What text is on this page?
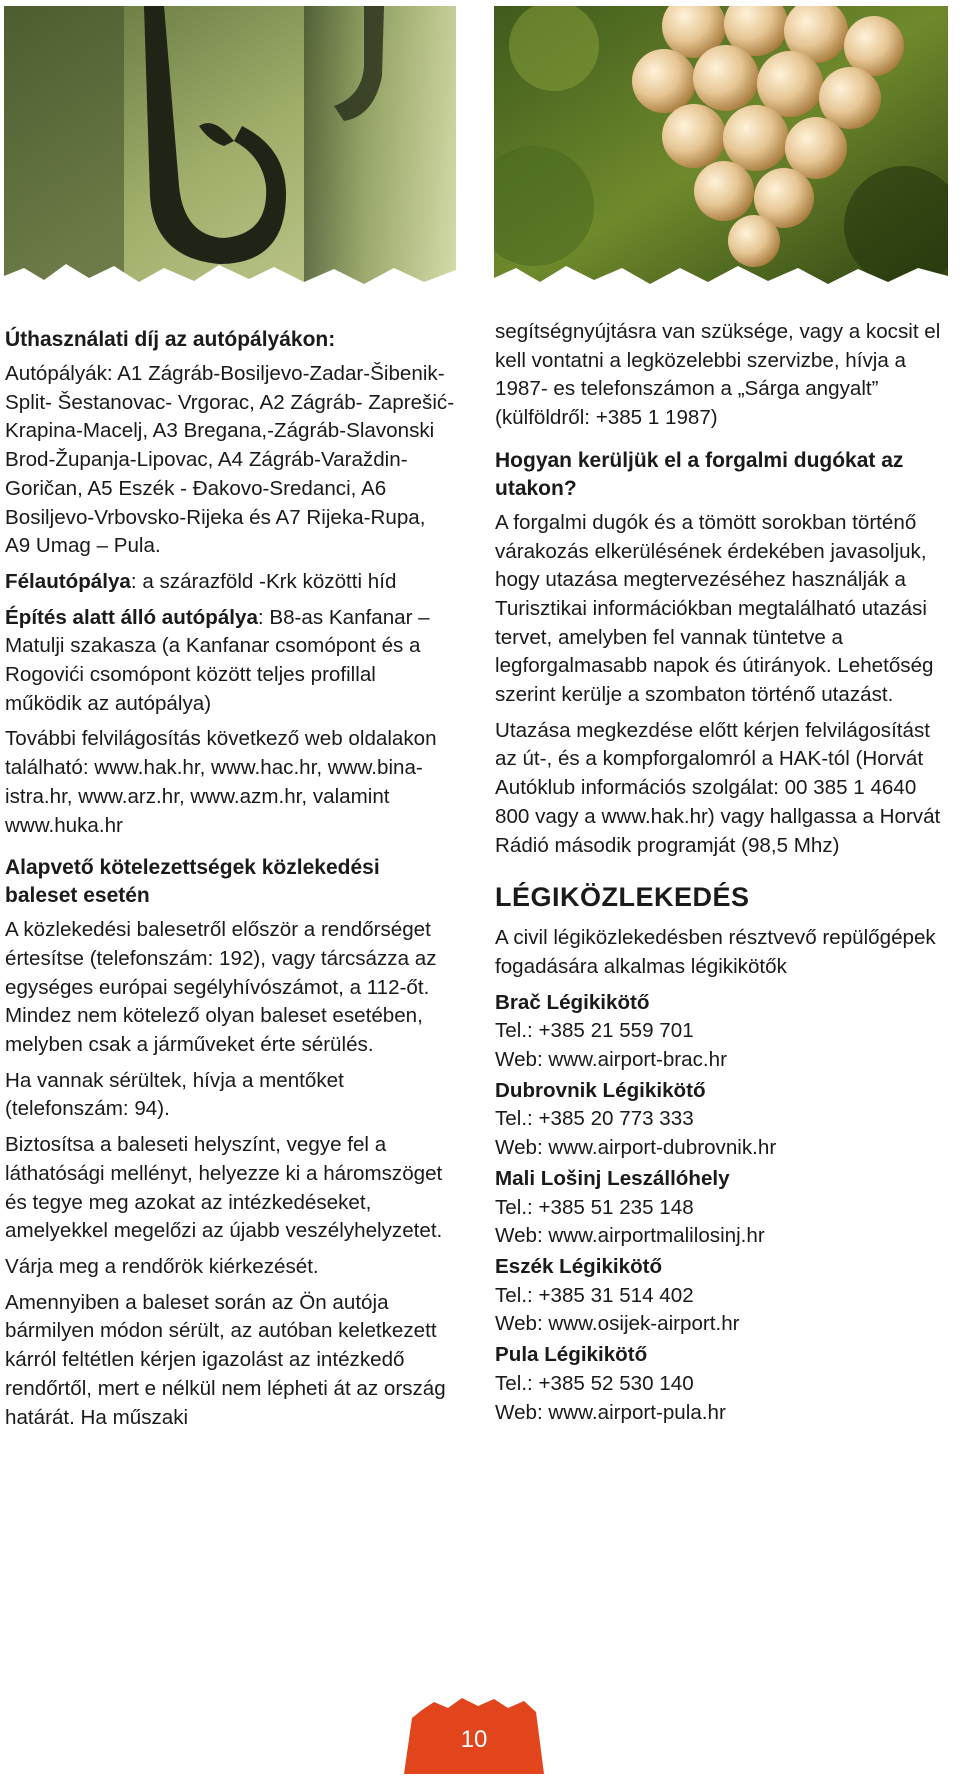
Úthasználati díj az autópályákon:

Autópályák: A1 Zágráb-Bosiljevo-Zadar-Šibenik-Split- Šestanovac- Vrgorac, A2 Zágráb- Zaprešić-Krapina-Macelj, A3 Bregana,-Zágráb-Slavonski Brod-Županja-Lipovac, A4 Zágráb-Varaždin-Goričan, A5 Eszék - Đakovo-Sredanci, A6 Bosiljevo-Vrbovsko-Rijeka és A7 Rijeka-Rupa, A9 Umag – Pula.

Félautópálya: a szárazföld -Krk közötti híd

Építés alatt álló autópálya: B8-as Kanfanar – Matulji szakasza (a Kanfanar csomópont és a Rogovići csomópont között teljes profillal működik az autópálya)

További felvilágosítás következő web oldalakon található: www.hak.hr, www.hac.hr, www.bina-istra.hr, www.arz.hr, www.azm.hr, valamint www.huka.hr

Alapvető kötelezettségek közlekedési baleset esetén

A közlekedési balesetről először a rendőrséget értesítse (telefonszám: 192), vagy tárcsázza az egységes európai segélyhívószámot, a 112-őt. Mindez nem kötelező olyan baleset esetében, melyben csak a járműveket érte sérülés.

Ha vannak sérültek, hívja a mentőket (telefonszám: 94).

Biztosítsa a baleseti helyszínt, vegye fel a láthatósági mellényt, helyezze ki a háromszöget és tegye meg azokat az intézkedéseket, amelyekkel megelőzi az újabb veszélyhelyzetet.

Várja meg a rendőrök kiérkezését.

Amennyiben a baleset során az Ön autója bármilyen módon sérült, az autóban keletkezett kárról feltétlen kérjen igazolást az intézkedő rendőrtől, mert e nélkül nem lépheti át az ország határát. Ha műszaki

segítségnyújtásra van szüksége, vagy a kocsit el kell vontatni a legközelebbi szervizbe, hívja a 1987- es telefonszámon a „Sárga angyalt” (külföldről: +385 1 1987)

Hogyan kerüljük el a forgalmi dugókat az utakon?

A forgalmi dugók és a tömött sorokban történő várakozás elkerülésének érdekében javasoljuk, hogy utazása megtervezéséhez használják a Turisztikai információkban megtalálható utazási tervet, amelyben fel vannak tüntetve a legforgalmasabb napok és útirányok. Lehetőség szerint kerülje a szombaton történő utazást.

Utazása megkezdése előtt kérjen felvilágosítást az út-, és a kompforgalomról a HAK-tól (Horvát Autóklub információs szolgálat: 00 385 1 4640 800 vagy a www.hak.hr) vagy hallgassa a Horvát Rádió második programját (98,5 Mhz)

LÉGIKÖZLEKEDÉS

A civil légiközlekedésben résztvevő repülőgépek fogadására alkalmas légikikötők

Brač Légikikötő

Tel.: +385 21 559 701

Web: www.airport-brac.hr

Dubrovnik Légikikötő

Tel.: +385 20 773 333

Web: www.airport-dubrovnik.hr

Mali Lošinj Leszállóhely

Tel.: +385 51 235 148

Web: www.airportmalilosinj.hr

Eszék Légikikötő

Tel.: +385 31 514 402

Web: www.osijek-airport.hr

Pula Légikikötő

Tel.: +385 52 530 140

Web: www.airport-pula.hr

10
